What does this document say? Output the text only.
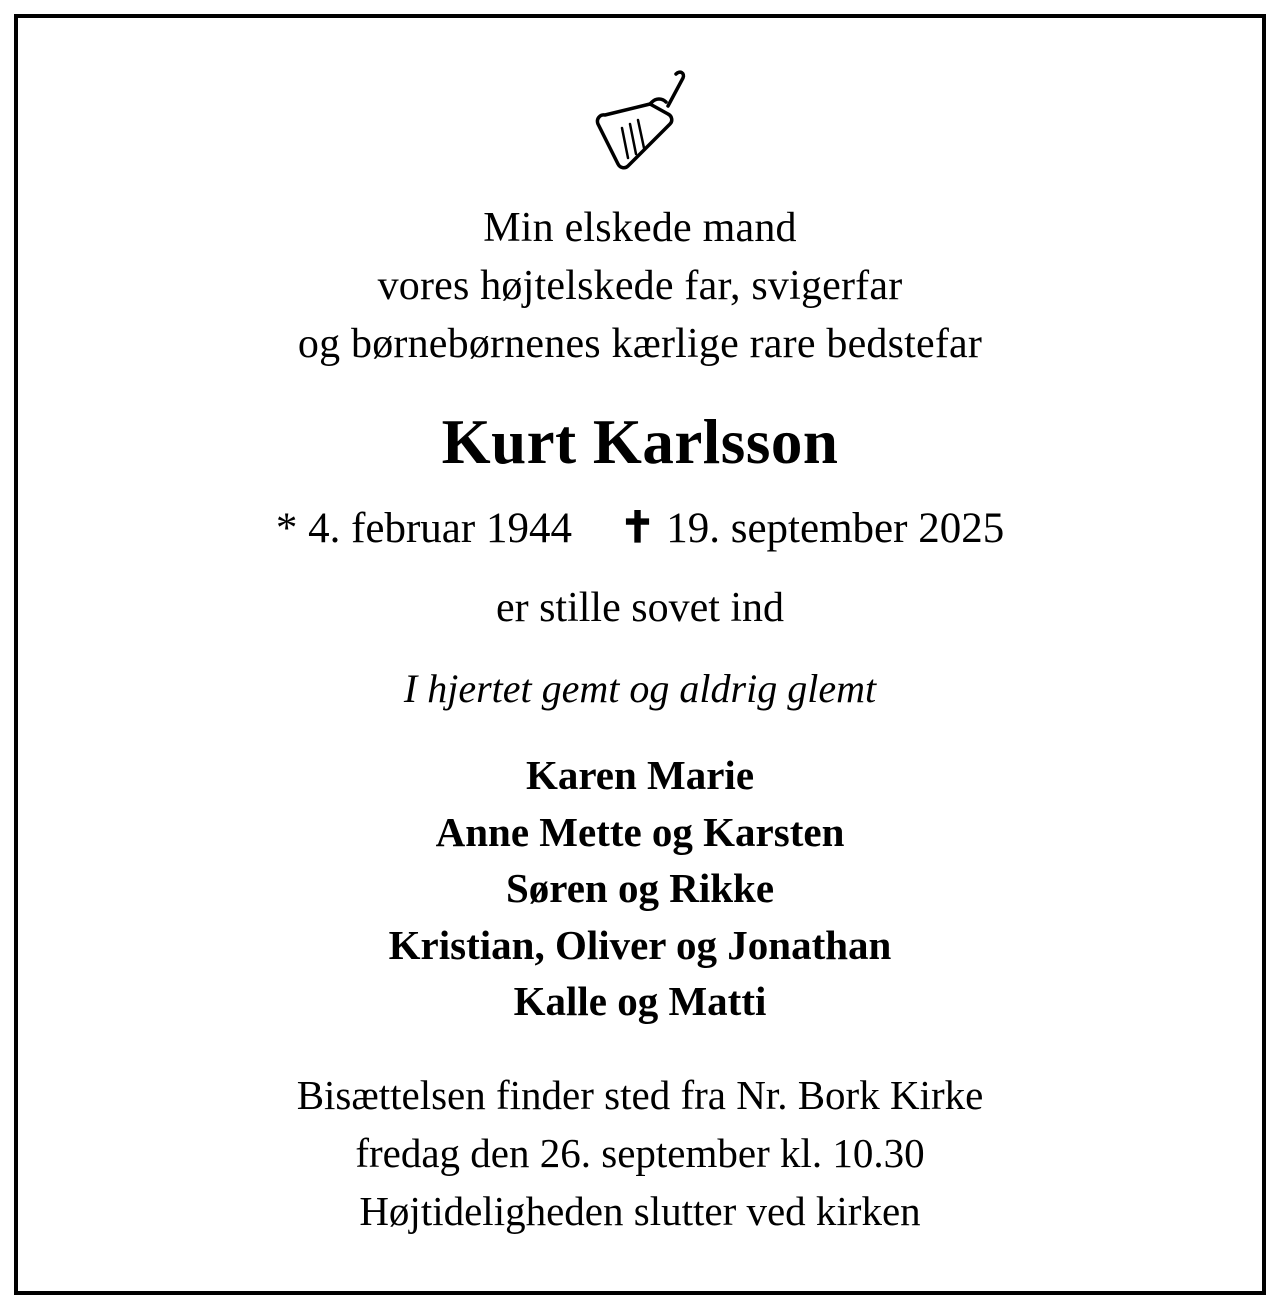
Min elskede mand
vores højtelskede far, svigerfar
og børnebørnenes kærlige rare bedstefar
Kurt Karlsson
* 4. februar 1944 ✝ 19. september 2025
er stille sovet ind
I hjertet gemt og aldrig glemt
Karen Marie
Anne Mette og Karsten
Søren og Rikke
Kristian, Oliver og Jonathan
Kalle og Matti
Bisættelsen finder sted fra Nr. Bork Kirke
fredag den 26. september kl. 10.30
Højtideligheden slutter ved kirken
